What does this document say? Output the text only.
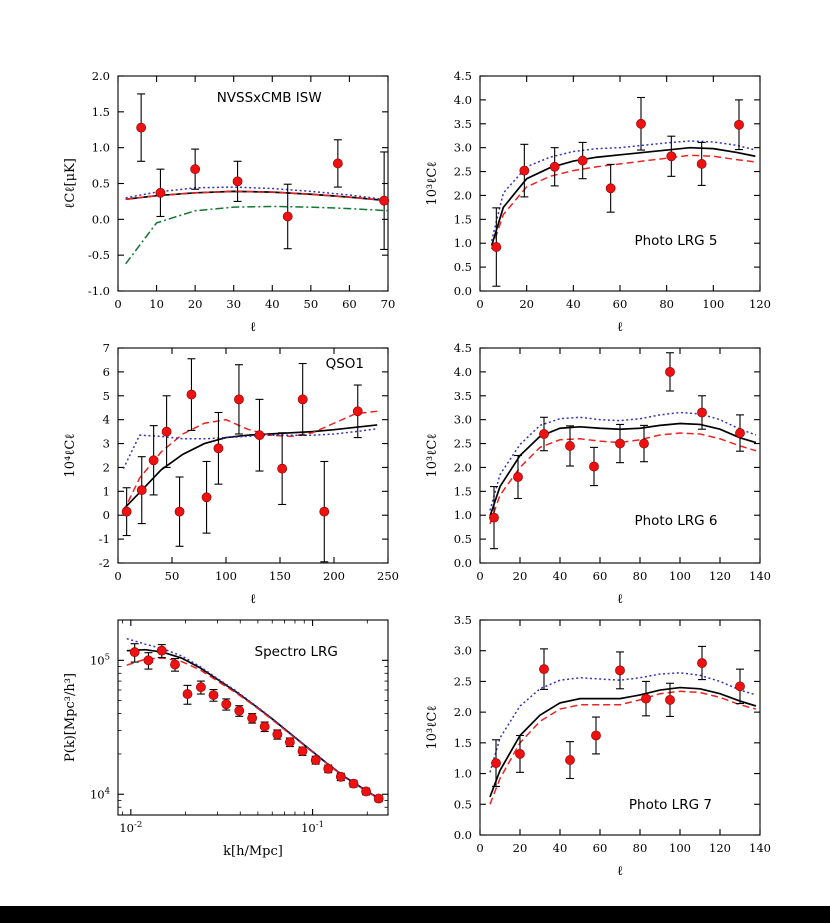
0 10 20 30 40 50 60 70
-1.0
-0.5
0.0
0.5
1.0
1.5
2.0
NVSSxCMB ISW
ℓ
ℓCℓ[μK]
0	20	40	60	80 100 120
0.0
0.5
1.0
1.5
2.0
2.5
3.0
3.5
4.0
4.5
Photo LRG 5
ℓ
10³ℓCℓ
0	50	100	150	200	250
-2
-1
0
1
2
3
4
5
6
7
QSO1
ℓ
10⁴ℓCℓ
0	20 40 60 80 100 120 140
0.0
0.5
1.0
1.5
2.0
2.5
3.0
3.5
4.0
4.5
Photo LRG 6
ℓ
10³ℓCℓ
$10^{-2}$	$10^{-1}$
$10^4$
$10^5$	Spectro LRG
k[h/Mpc]
P(k)[Mpc³/h³]
0	20 40 60 80 100 120 140
0.0
0.5
1.0
1.5
2.0
2.5
3.0
3.5
Photo LRG 7
ℓ
10³ℓCℓ
